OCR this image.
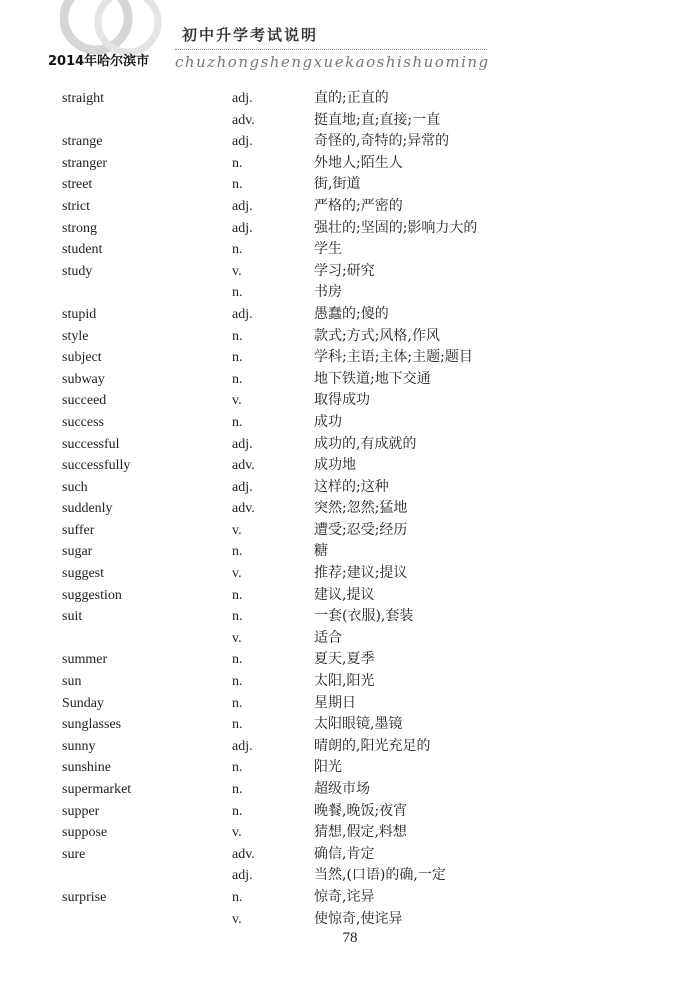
初中升学考试说明
2014年哈尔滨市 chuzhongshengxuekaoshishuoming
straight	adj.	直的;正直的
adv.	挺直地;直;直接;一直
strange	adj.	奇怪的,奇特的;异常的
stranger	n.	外地人;陌生人
street	n.	街,街道
strict	adj.	严格的;严密的
strong	adj.	强壮的;坚固的;影响力大的
student	n.	学生
study	v.	学习;研究
n.	书房
stupid	adj.	愚蠢的;傻的
style	n.	款式;方式;风格,作风
subject	n.	学科;主语;主体;主题;题目
subway	n.	地下铁道;地下交通
succeed	v.	取得成功
success	n.	成功
successful	adj.	成功的,有成就的
successfully	adv.	成功地
such	adj.	这样的;这种
suddenly	adv.	突然;忽然;猛地
suffer	v.	遭受;忍受;经历
sugar	n.	糖
suggest	v.	推荐;建议;提议
suggestion	n.	建议,提议
suit	n.	一套(衣服),套装
v.	适合
summer	n.	夏天,夏季
sun	n.	太阳,阳光
Sunday	n.	星期日
sunglasses	n.	太阳眼镜,墨镜
sunny	adj.	晴朗的,阳光充足的
sunshine	n.	阳光
supermarket	n.	超级市场
supper	n.	晚餐,晚饭;夜宵
suppose	v.	猜想,假定,料想
sure	adv.	确信,肯定
adj.	当然,(口语)的确,一定
surprise	n.	惊奇,诧异
v.	使惊奇,使诧异
78
